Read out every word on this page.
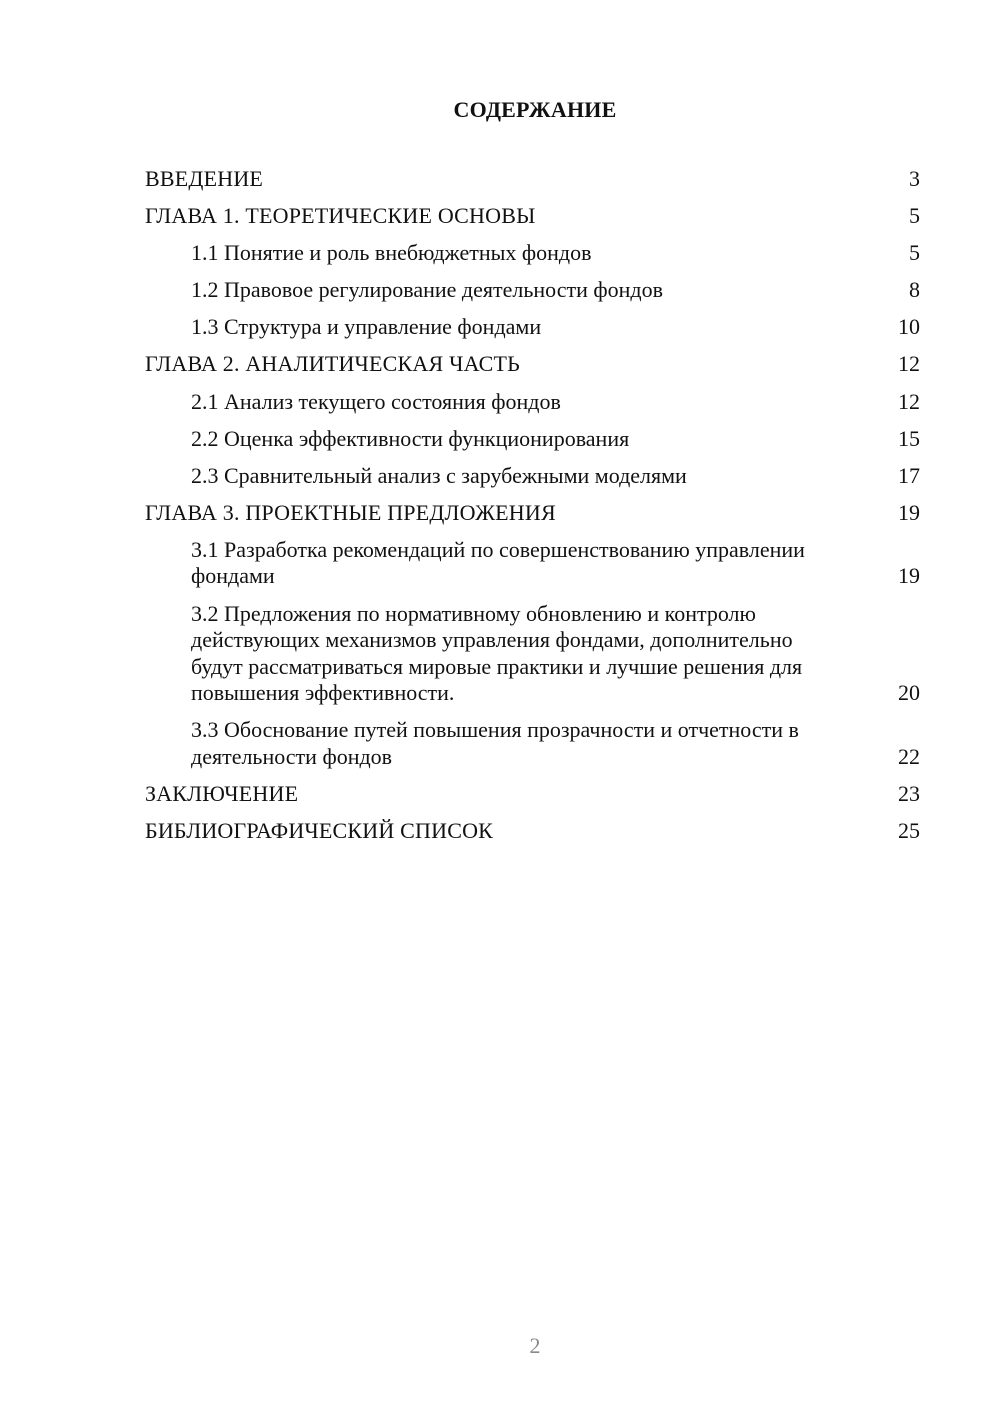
СОДЕРЖАНИЕ
ВВЕДЕНИЕ	3
ГЛАВА 1. ТЕОРЕТИЧЕСКИЕ ОСНОВЫ	5
1.1 Понятие и роль внебюджетных фондов	5
1.2 Правовое регулирование деятельности фондов	8
1.3 Структура и управление фондами	10
ГЛАВА 2. АНАЛИТИЧЕСКАЯ ЧАСТЬ	12
2.1 Анализ текущего состояния фондов	12
2.2 Оценка эффективности функционирования	15
2.3 Сравнительный анализ с зарубежными моделями	17
ГЛАВА 3. ПРОЕКТНЫЕ ПРЕДЛОЖЕНИЯ	19
3.1 Разработка рекомендаций по совершенствованию управлении фондами	19
3.2 Предложения по нормативному обновлению и контролю действующих механизмов управления фондами, дополнительно будут рассматриваться мировые практики и лучшие решения для повышения эффективности.	20
3.3 Обоснование путей повышения прозрачности и отчетности в деятельности фондов	22
ЗАКЛЮЧЕНИЕ	23
БИБЛИОГРАФИЧЕСКИЙ СПИСОК	25
2
